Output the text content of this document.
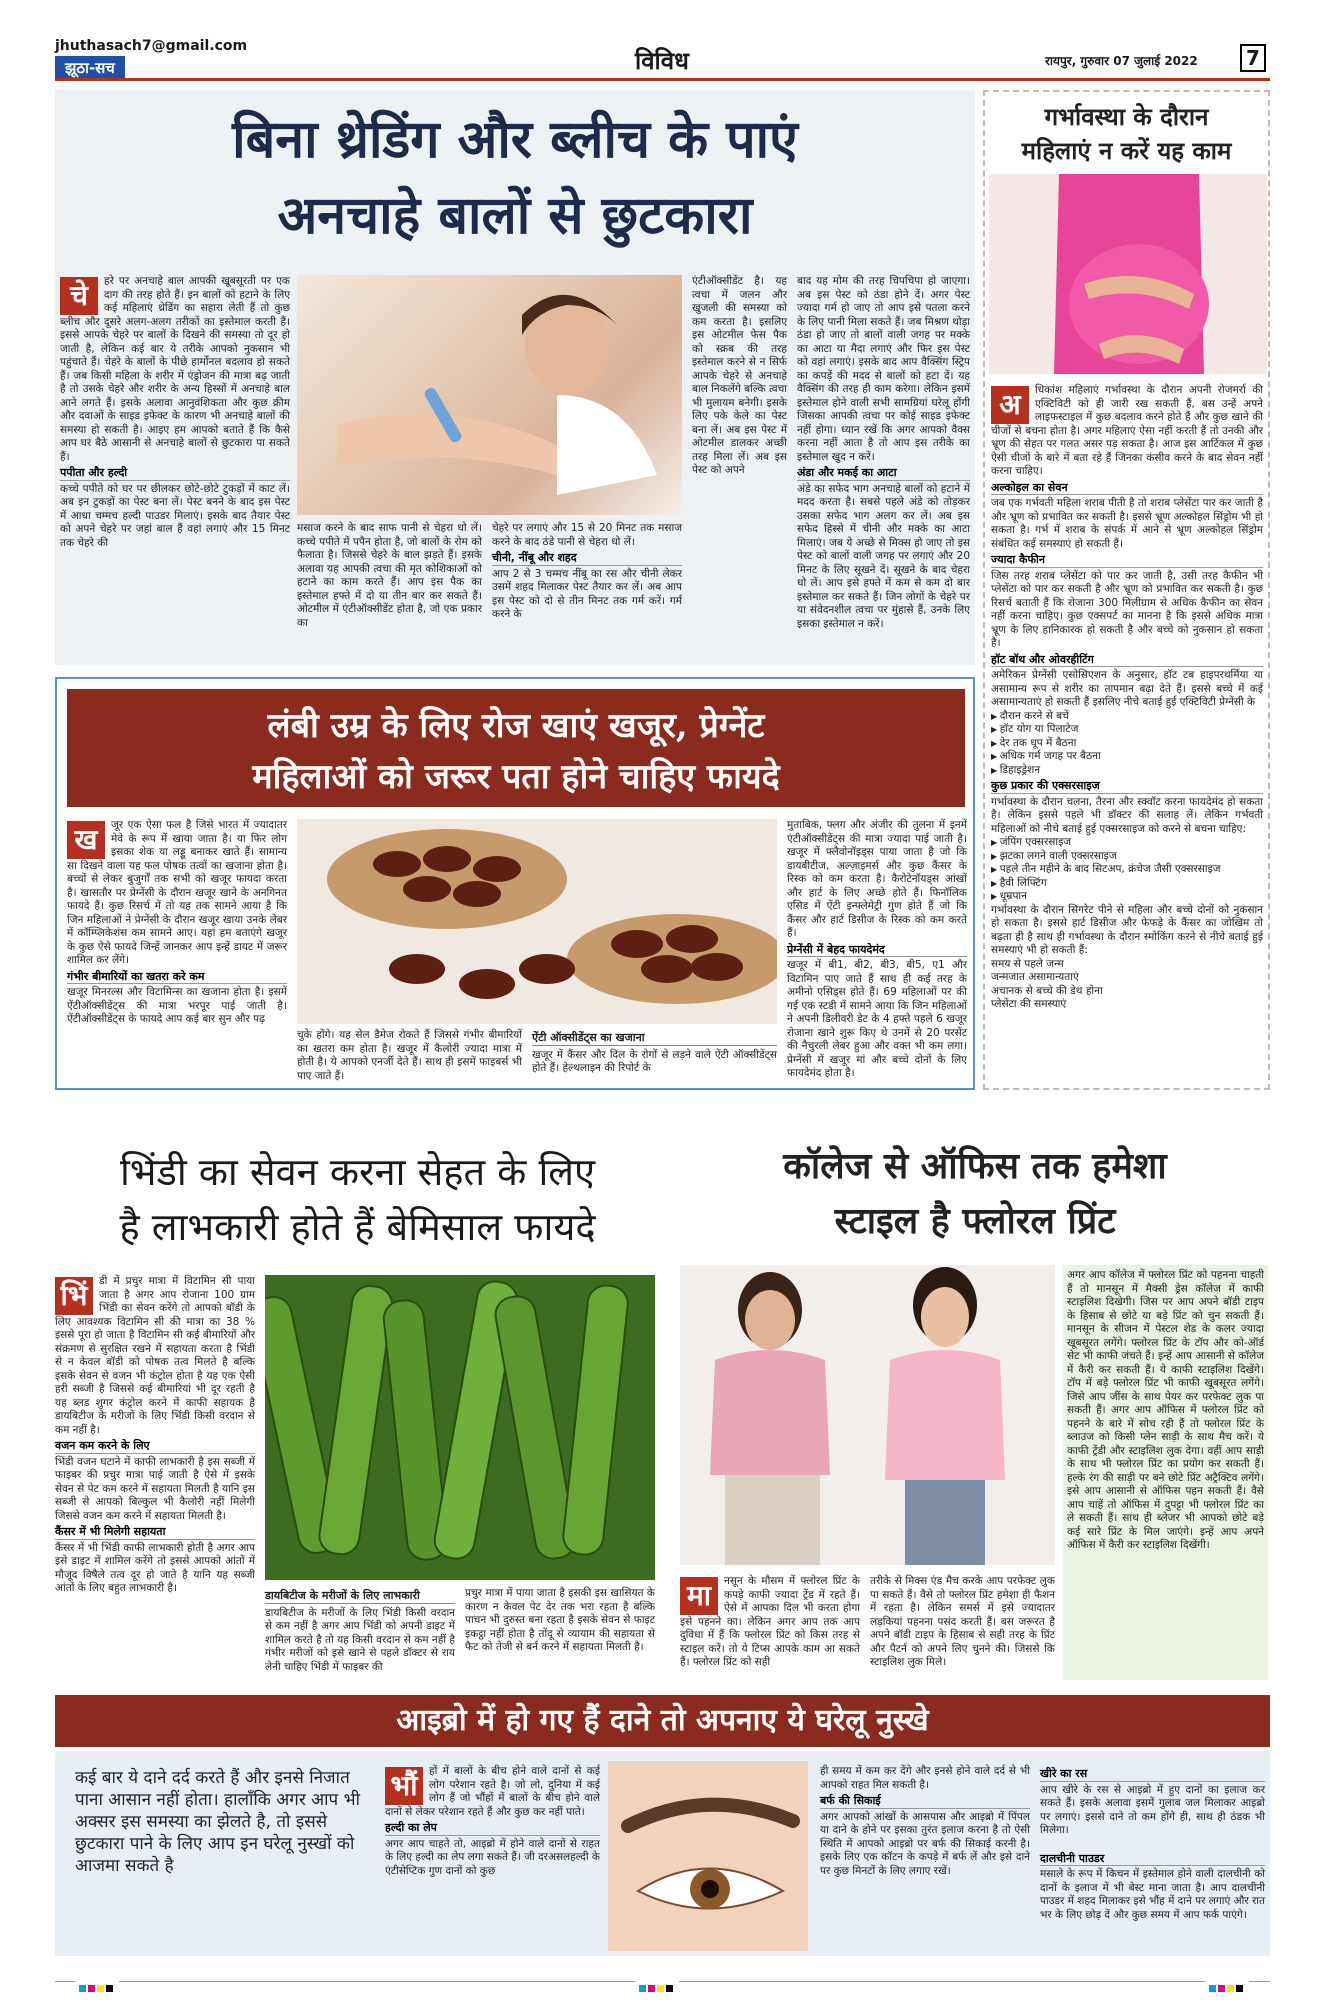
jhuthasach7@gmail.com
झूठा-सच	विविध	रायपुर, गुरुवार 07 जुलाई 2022	7
बिना थ्रेडिंग और ब्लीच के पाएं
अनचाहे बालों से छुटकारा
चे	हरे पर अनचाहे बाल आपकी खूबसूरती पर एक दाग की तरह होते हैं। इन बालों को हटाने के लिए कई महिलाएं थ्रेडिंग का सहारा लेती हैं तो कुछ ब्लीच और दूसरे अलग-अलग तरीकों का इस्तेमाल करती हैं। इससे आपके चेहरे पर बालों के दिखने की समस्या तो दूर हो जाती है, लेकिन कई बार ये तरीके आपको नुकसान भी पहुंचाते हैं। चेहरे के बालों के पीछे हार्मोनल बदलाव हो सकते हैं। जब किसी महिला के शरीर में एंड्रोजन की मात्रा बढ़ जाती है तो उसके चेहरे और शरीर के अन्य हिस्सों में अनचाहे बाल आने लगते हैं। इसके अलावा आनुवंशिकता और कुछ क्रीम और दवाओं के साइड इफेक्ट के कारण भी अनचाहे बालों की समस्या हो सकती है। आइए हम आपको बताते हैं कि कैसे आप घर बैठे आसानी से अनचाहे बालों से छुटकारा पा सकते हैं।
पपीता और हल्दी
कच्चे पपीते को घर पर छीलकर छोटे-छोटे टुकड़ों में काट लें। अब इन टुकड़ों का पेस्ट बना लें। पेस्ट बनने के बाद इस पेस्ट में आधा चम्मच हल्दी पाउडर मिलाएं। इसके बाद तैयार पेस्ट को अपने चेहरे पर जहां बाल हैं वहां लगाएं और 15 मिनट तक चेहरे की
मसाज करने के बाद साफ पानी से चेहरा धो लें। कच्चे पपीते में पपैन होता है, जो बालों के रोम को फैलाता है। जिससे चेहरे के बाल झड़ते हैं। इसके अलावा यह आपकी त्वचा की मृत कोशिकाओं को हटाने का काम करते हैं। आप इस पैक का इस्तेमाल हफ्ते में दो या तीन बार कर सकते हैं। ओटमील में एंटीऑक्सीडेंट होता है, जो एक प्रकार का
चेहरे पर लगाएं और 15 से 20 मिनट तक मसाज करने के बाद ठंडे पानी से चेहरा धो लें।
चीनी, नींबू और शहद
आप 2 से 3 चम्मच नींबू का रस और चीनी लेकर उसमें शहद मिलाकर पेस्ट तैयार कर लें। अब आप इस पेस्ट को दो से तीन मिनट तक गर्म करें। गर्म करने के
एंटीऑक्सीडेंट है। यह त्वचा में जलन और खुजली की समस्या को कम करता है। इसलिए इस ओटमील फेस पैक को स्क्रब की तरह इस्तेमाल करने से न सिर्फ आपके चेहरे से अनचाहे बाल निकलेंगे बल्कि त्वचा भी मुलायम बनेगी। इसके लिए पके केले का पेस्ट बना लें। अब इस पेस्ट में ओटमील डालकर अच्छी तरह मिला लें। अब इस पेस्ट को अपने
बाद यह मोम की तरह चिपचिपा हो जाएगा। अब इस पेस्ट को ठंडा होने दें। अगर पेस्ट ज्यादा गर्म हो जाए तो आप इसे पतला करने के लिए पानी मिला सकते हैं। जब मिश्रण थोड़ा ठंडा हो जाए तो बालों वाली जगह पर मक्के का आटा या मैदा लगाएं और फिर इस पेस्ट को वहां लगाएं। इसके बाद आप वैक्सिंग स्ट्रिप का कपड़ें की मदद से बालों को हटा दें। यह वैक्सिंग की तरह ही काम करेगा। लेकिन इसमें इस्तेमाल होने वाली सभी सामग्रियां घरेलू होंगी जिसका आपकी त्वचा पर कोई साइड इफेक्ट नहीं होगा। ध्यान रखें कि अगर आपको वैक्स करना नहीं आता है तो आप इस तरीके का इस्तेमाल खुद न करें।
अंडा और मकई का आटा
अंडे का सफेद भाग अनचाहे बालों को हटाने में मदद करता है। सबसे पहले अंडे को तोड़कर उसका सफेद भाग अलग कर लें। अब इस सफेद हिस्से में चीनी और मक्के का आटा मिलाएं। जब ये अच्छे से मिक्स हो जाए तो इस पेस्ट को बालों वाली जगह पर लगाएं और 20 मिनट के लिए सूखने दें। सूखने के बाद चेहरा धो लें। आप इसे हफ्ते में कम से कम दो बार इस्तेमाल कर सकते हैं। जिन लोगों के चेहरे पर या संवेदनशील त्वचा पर मुंहासे हैं, उनके लिए इसका इस्तेमाल न करें।
गर्भावस्था के दौरान
महिलाएं न करें यह काम
अ	धिकांश महिलाएं गर्भावस्था के दौरान अपनी रोजमर्रा की एक्टिविटी को ही जारी रख सकती हैं, बस उन्हें अपने लाइफस्टाइल में कुछ बदलाव करने होते हैं और कुछ खाने की चीजों से बचना होता है। अगर महिलाएं ऐसा नहीं करती हैं तो उनकी और भ्रूण की सेहत पर गलत असर पड़ सकता है। आज इस आर्टिकल में कुछ ऐसी चीजों के बारे में बता रहे हैं जिनका कंसीव करने के बाद सेवन नहीं करना चाहिए।
अल्कोहल का सेवन
जब एक गर्भवती महिला शराब पीती है तो शराब प्लेसेंटा पार कर जाती है और भ्रूण को प्रभावित कर सकती है। इससे भ्रूण अल्कोहल सिंड्रोम भी हो सकता है। गर्भ में शराब के संपर्क में आने से भ्रूण अल्कोहल सिंड्रोम संबंधित कई समस्याएं हो सकती हैं।
ज्यादा कैफीन
जिस तरह शराब प्लेसेंटा को पार कर जाती है, उसी तरह कैफीन भी प्लेसेंटा को पार कर सकती है और भ्रूण को प्रभावित कर सकती है। कुछ रिसर्च बताती हैं कि रोजाना 300 मिलीग्राम से अधिक कैफीन का सेवन नहीं करना चाहिए। कुछ एक्सपर्ट का मानना है कि इससे अधिक मात्रा भ्रूण के लिए हानिकारक हो सकती है और बच्चे को नुकसान हो सकता है।
हॉट बॉथ और ओवरहीटिंग
अमेरिकन प्रेग्नेंसी एसोसिएशन के अनुसार, हॉट टब हाइपरथर्मिया या असामान्य रूप से शरीर का तापमान बढ़ा देते हैं। इससे बच्चे में कई असामान्यताएं हो सकती हैं इसलिए नीचे बताई हुई एक्टिविटी प्रेग्नेंसी के
▶ दौरान करने से बचें
▶ हॉट योग या पिलाटेज
▶ देर तक धूप में बैठना
▶ अधिक गर्म जगह पर बैठना
▶ डिहाइड्रेशन
कुछ प्रकार की एक्सरसाइज
गर्भावस्था के दौरान चलना, तैरना और स्क्वॉट करना फायदेमंद हो सकता है। लेकिन इससे पहले भी डॉक्टर की सलाह लें। लेकिन गर्भवती महिलाओं को नीचे बताई हुई एक्सरसाइज को करने से बचना चाहिए:
▶ जंपिंग एक्सरसाइज
▶ झटका लगने वाली एक्सरसाइज
▶ पहले तीन महीने के बाद सिटअप, क्रंचेज जैसी एक्सरसाइज
▶ हैवी लिफ्टिंग
▶ धूम्रपान
गर्भावस्था के दौरान सिगरेट पीने से महिला और बच्चे दोनों को नुकसान हो सकता है। इससे हार्ट डिसीज और फेफड़े के कैंसर का जोखिम तो बढ़ता ही है साथ ही गर्भावस्था के दौरान स्मोकिंग करने से नीचे बताई हुई समस्याएं भी हो सकती हैं:
समय से पहले जन्म
जन्मजात असामान्यताएं
अचानक से बच्चे की डेथ होना
प्लेसेंटा की समस्याएं
लंबी उम्र के लिए रोज खाएं खजूर, प्रेग्नेंट
महिलाओं को जरूर पता होने चाहिए फायदे
ख	जूर एक ऐसा फल है जिसे भारत में ज्यादातर मेवे के रूप में खाया जाता है। या फिर लोग इसका शेक या लड्डू बनाकर खाते हैं। सामान्य सा दिखने वाला यह फल पोषक तत्वों का खजाना होता है। बच्चों से लेकर बुजुर्गों तक सभी को खजूर फायदा करता है। खासतौर पर प्रेग्नेंसी के दौरान खजूर खाने के अनगिनत फायदे हैं। कुछ रिसर्च में तो यह तक सामने आया है कि जिन महिलाओं ने प्रेग्नेंसी के दौरान खजूर खाया उनके लेबर में कॉम्प्लिकेशंस कम सामने आए। यहां हम बताएंगे खजूर के कुछ ऐसे फायदे जिन्हें जानकर आप इन्हें डायट में जरूर शामिल कर लेंगे।
गंभीर बीमारियों का खतरा करे कम
खजूर मिनरल्स और विटामिन्स का खजाना होता है। इसमें ऐंटीऑक्सीडेंट्स की मात्रा भरपूर पाई जाती है। ऐंटीऑक्सीडेंट्स के फायदे आप कई बार सुन और पढ़
चुके होंगे। यह सेल डैमेज रोकते हैं जिससे गंभीर बीमारियों का खतरा कम होता है। खजूर में कैलोरी ज्यादा मात्रा में होती है। ये आपको एनर्जी देते हैं। साथ ही इसमें फाइबर्स भी पाए जाते हैं।
ऐंटी ऑक्सीडेंट्स का खजाना
खजूर में कैंसर और दिल के रोगों से लड़ने वाले ऐंटी ऑक्सीडेंट्स होते हैं। हेल्थलाइन की रिपोर्ट के
मुताबिक, फ्लग और अंजीर की तुलना में इनमें एंटीऑक्सीडेंट्स की मात्रा ज्यादा पाई जाती है। खजूर में फ्लैवोनॉइड्स पाया जाता है जो कि डायबीटीज, अल्ज़ाइमर्स और कुछ कैंसर के रिस्क को कम करता है। कैरोटेनॉयड्स आंखों और हार्ट के लिए अच्छे होते हैं। फिनॉलिक एसिड में ऐंटी इन्फ्लेमेट्री गुण होते हैं जो कि कैंसर और हार्ट डिसीज के रिस्क को कम करते हैं।
प्रेग्नेंसी में बेहद फायदेमंद
खजूर में बी1, बी2, बी3, बी5, ए1 और विटामिन पाए जाते हैं साथ ही कई तरह के अमीनो एसिड्स होते हैं। 69 महिलाओं पर की गई एक स्टडी में सामने आया कि जिन महिलाओं ने अपनी डिलीवरी डेट के 4 हफ्ते पहले 6 खजूर रोजाना खाने शुरू किए थे उनमें से 20 परसेंट की नैचुरली लेबर हुआ और वक्त भी कम लगा। प्रेग्नेंसी में खजूर मां और बच्चे दोनों के लिए फायदेमंद होता है।
भिंडी का सेवन करना सेहत के लिए
है लाभकारी होते हैं बेमिसाल फायदे
भिं	डी में प्रचुर मात्रा में विटामिन सी पाया जाता है अगर आप रोजाना 100 ग्राम भिंडी का सेवन करेंगे तो आपको बॉडी के लिए आवश्यक विटामिन सी की मात्रा का 38 % इससे पूरा हो जाता है विटामिन सी कई बीमारियों और संक्रमण से सुरक्षित रखने में सहायता करता है भिंडी से न केवल बॉडी को पोषक तत्व मिलते है बल्कि इसके सेवन से वजन भी कंट्रोल होता है यह एक ऐसी हरी सब्जी है जिससे कई बीमारियां भी दूर रहती है यह ब्लड शुगर कंट्रोल करने में काफी सहायक है डायबिटीज के मरीजों के लिए भिंडी किसी वरदान से कम नहीं है।
वजन कम करने के लिए
भिंडी वजन घटाने में काफी लाभकारी है इस सब्जी में फाइबर की प्रचुर मात्रा पाई जाती है ऐसे में इसके सेवन से पेट कम करने में सहायता मिलती है यानि इस सब्जी से आपको बिल्कुल भी कैलोरी नहीं मिलेगी जिससे वजन कम करने में सहायता मिलती है।
कैंसर में भी मिलेगी सहायता
कैंसर में भी भिंडी काफी लाभकारी होती है अगर आप इसे डाइट में शामिल करेंगे तो इससे आपको आंतों में मौजूद विषैले तत्व दूर हो जाते है यानि यह सब्जी आंतों के लिए बहुत लाभकारी है।
डायबिटीज के मरीजों के लिए लाभकारी
डायबिटीज के मरीजों के लिए भिंडी किसी वरदान से कम नहीं है अगर आप भिंडी को अपनी डाइट में शामिल करते है तो यह किसी वरदान से कम नहीं है गंभीर मरीजों को इसे खाने से पहले डॉक्टर से राय लेनी चाहिए भिंडी में फाइबर की
प्रचुर मात्रा में पाया जाता है इसकी इस खासियत के कारण न केवल पेट देर तक भरा रहता है बल्कि पाचन भी दुरुस्त बना रहता है इसके सेवन से फाइट इकट्ठा नहीं होता है तोंदू से व्यायाम की सहायता से फैट को तेजी से बर्न करने में सहायता मिलती है।
कॉलेज से ऑफिस तक हमेशा
स्टाइल है फ्लोरल प्रिंट
मा	नसून के मौसम में फ्लोरल प्रिंट के कपड़े काफी ज्यादा ट्रेंड में रहते हैं। ऐसे में आपका दिल भी करता होगा इसे पहनने का। लेकिन अगर आप तक आप दुविधा में हैं कि फ्लोरल प्रिंट को किस तरह से स्टाइल करें। तो ये टिप्स आपके काम आ सकते हैं। फ्लोरल प्रिंट को सही
तरीके से मिक्स एंड मैच करके आप परफेक्ट लुक पा सकते हैं। वैसे तो फ्लोरल प्रिंट हमेशा ही फैशन में रहता है। लेकिन समर्स में इसे ज्यादातर लड़कियां पहनना पसंद करती हैं। बस जरूरत है अपने बॉडी टाइप के हिसाब से सही तरह के प्रिंट और पैटर्न को अपने लिए चुनने की। जिससे कि स्टाइलिश लुक मिले।
अगर आप कॉलेज में फ्लोरल प्रिंट को पहनना चाहती हैं तो मानसून में मैक्सी ड्रेस कॉलेज में काफी स्टाइलिश दिखेगी। जिस पर आप अपने बॉडी टाइप के हिसाब से छोटे या बड़े प्रिंट को चुन सकती हैं। मानसून के सीजन में पेस्टल शेड के कलर ज्यादा खूबसूरत लगेंगे। फ्लोरल प्रिंट के टॉप और को-ऑर्ड सेट भी काफी जंचते हैं। इन्हें आप आसानी से कॉलेज में कैरी कर सकती हैं। ये काफी स्टाइलिश दिखेंगे। टॉप में बड़े फ्लोरल प्रिंट भी काफी खूबसूरत लगेंगे। जिसे आप जींस के साथ पेयर कर परफेक्ट लुक पा सकती हैं। अगर आप ऑफिस में फ्लोरल प्रिंट को पहनने के बारे में सोच रही हैं तो फ्लोरल प्रिंट के ब्लाउज को किसी प्लेन साड़ी के साथ मैच करें। ये काफी ट्रेंडी और स्टाइलिश लुक देगा। वहीं आप साड़ी के साथ भी फ्लोरल प्रिंट का प्रयोग कर सकती हैं। हल्के रंग की साड़ी पर बने छोटे प्रिंट अट्रैक्टिव लगेंगे। इसे आप आसानी से ऑफिस पहन सकती हैं। वैसे आप चाहें तो ऑफिस में दुपट्टा भी फ्लोरल प्रिंट का ले सकती हैं। साथ ही ब्लेजर भी आपको छोटे बड़े कई सारे प्रिंट के मिल जाएंगे। इन्हें आप अपने ऑफिस में कैरी कर स्टाइलिश दिखेंगी।
आइब्रो में हो गए हैं दाने तो अपनाए ये घरेलू नुस्खे
कई बार ये दाने दर्द करते हैं और इनसे निजात पाना आसान नहीं होता। हालाँकि अगर आप भी अक्सर इस समस्या का झेलते है, तो इससे छुटकारा पाने के लिए आप इन घरेलू नुस्खों को आजमा सकते है
भौं	हों में बालों के बीच होने वाले दानों से कई लोग परेशान रहते है। जो लो, दुनिया में कई लोग हैं जो भौंहों में बालों के बीच होने वाले दानों से लेकर परेशान रहते हैं और कुछ कर नहीं पाते।
हल्दी का लेप
अगर आप चाहते तो, आइब्रो में होने वाले दानों से राहत के लिए हल्दी का लेप लगा सकते हैं। जी दरअसलहल्दी के एंटीसेप्टिक गुण दानों को कुछ
ही समय में कम कर देंगे और इनसे होने वाले दर्द से भी आपको राहत मिल सकती है।
बर्फ की सिकाई
अगर आपको आंखों के आसपास और आइब्रो में पिंपल या दाने के होने पर इसका तुरंत इलाज करना है तो ऐसी स्थिति में आपको आइब्रो पर बर्फ की सिकाई करनी है। इसके लिए एक कॉटन के कपड़े में बर्फ लें और इसे दाने पर कुछ मिनटों के लिए लगाए रखें।
खीरे का रस
आप खीरे के रस से आइब्रो में हुए दानों का इलाज कर सकते हैं। इसके अलावा इसमें गुलाब जल मिलाकर आइब्रो पर लगाएं। इससे दाने तो कम होंगे ही, साथ ही ठंडक भी मिलेगा।
दालचीनी पाउडर
मसाले के रूप में किचन में इस्तेमाल होने वाली दालचीनी को दानों के इलाज में भी बेस्ट माना जाता है। आप दालचीनी पाउडर में शहद मिलाकर इसे भौंह में दाने पर लगाएं और रात भर के लिए छोड़ दें और कुछ समय में आप फर्क पाएंगे।
